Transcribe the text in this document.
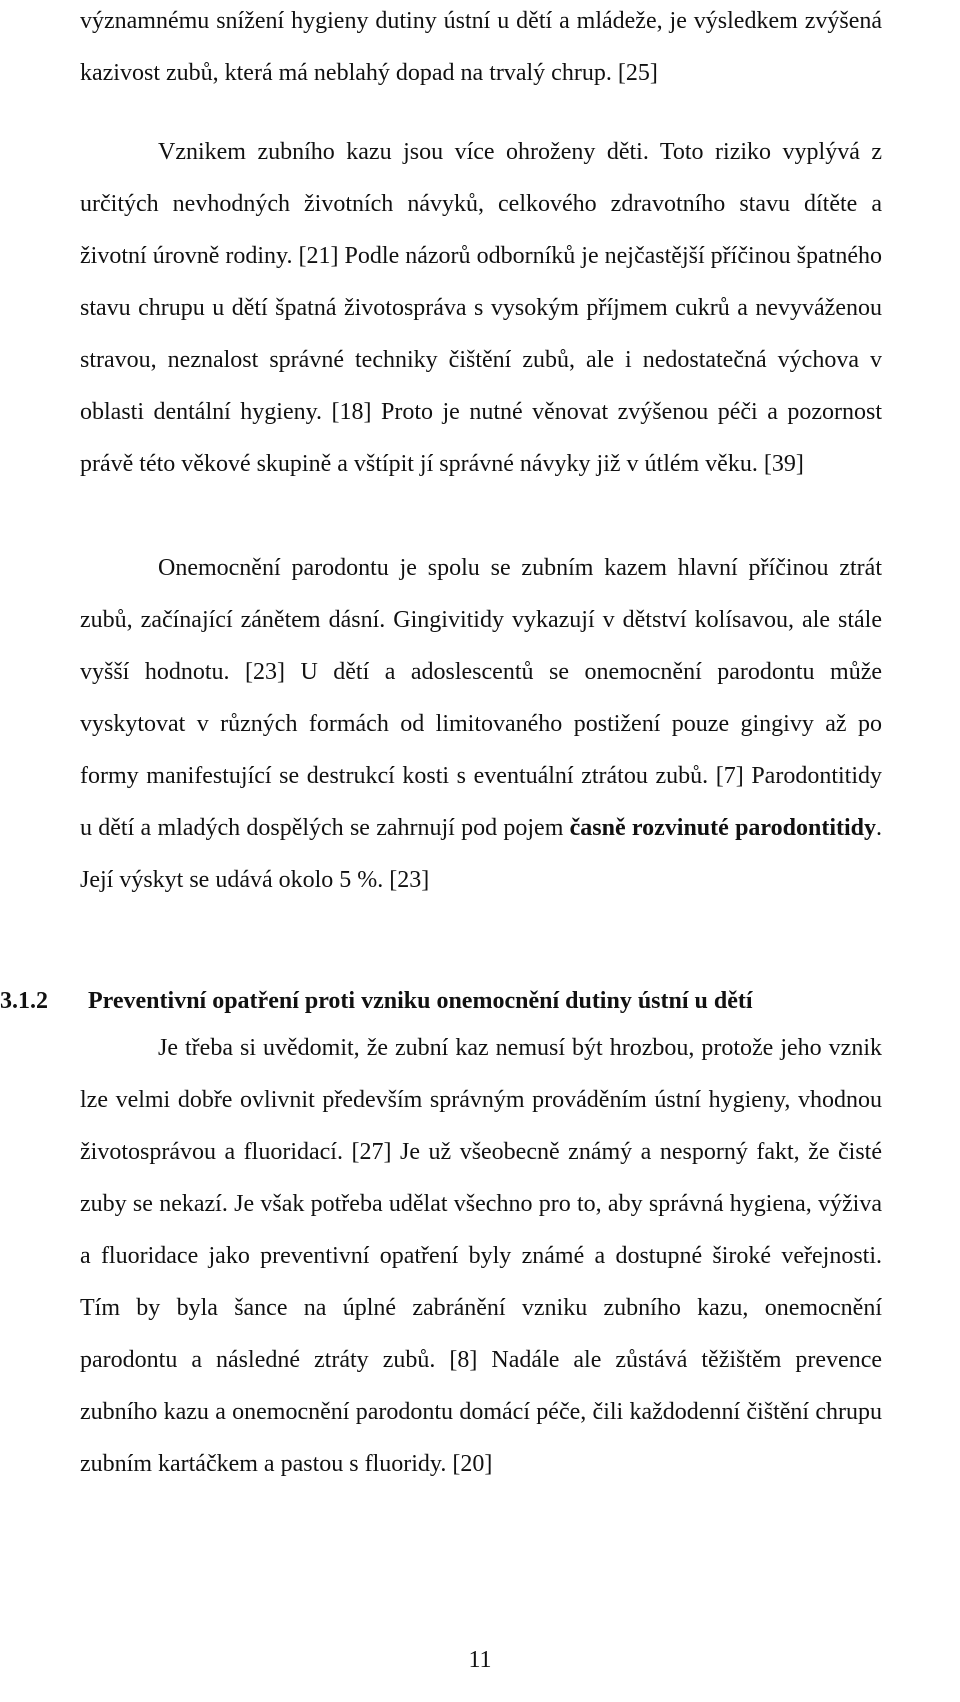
významnému snížení hygieny dutiny ústní u dětí a mládeže, je výsledkem zvýšená kazivost zubů, která má neblahý dopad na trvalý chrup. [25]

Vznikem zubního kazu jsou více ohroženy děti. Toto riziko vyplývá z určitých nevhodných životních návyků, celkového zdravotního stavu dítěte a životní úrovně rodiny. [21] Podle názorů odborníků je nejčastější příčinou špatného stavu chrupu u dětí špatná životospráva s vysokým příjmem cukrů a nevyváženou stravou, neznalost správné techniky čištění zubů, ale i nedostatečná výchova v oblasti dentální hygieny. [18] Proto je nutné věnovat zvýšenou péči a pozornost právě této věkové skupině a vštípit jí správné návyky již v útlém věku. [39]

Onemocnění parodontu je spolu se zubním kazem hlavní příčinou ztrát zubů, začínající zánětem dásní. Gingivitidy vykazují v dětství kolísavou, ale stále vyšší hodnotu. [23] U dětí a adoslescentů se onemocnění parodontu může vyskytovat v různých formách od limitovaného postižení pouze gingivy až po formy manifestující se destrukcí kosti s eventuální ztrátou zubů. [7] Parodontitidy u dětí a mladých dospělých se zahrnují pod pojem časně rozvinuté parodontitidy. Její výskyt se udává okolo 5 %. [23]

3.1.2 Preventivní opatření proti vzniku onemocnění dutiny ústní u dětí

Je třeba si uvědomit, že zubní kaz nemusí být hrozbou, protože jeho vznik lze velmi dobře ovlivnit především správným prováděním ústní hygieny, vhodnou životosprávou a fluoridací. [27] Je už všeobecně známý a nesporný fakt, že čisté zuby se nekazí. Je však potřeba udělat všechno pro to, aby správná hygiena, výživa a fluoridace jako preventivní opatření byly známé a dostupné široké veřejnosti. Tím by byla šance na úplné zabránění vzniku zubního kazu, onemocnění parodontu a následné ztráty zubů. [8] Nadále ale zůstává těžištěm prevence zubního kazu a onemocnění parodontu domácí péče, čili každodenní čištění chrupu zubním kartáčkem a pastou s fluoridy. [20]

11
